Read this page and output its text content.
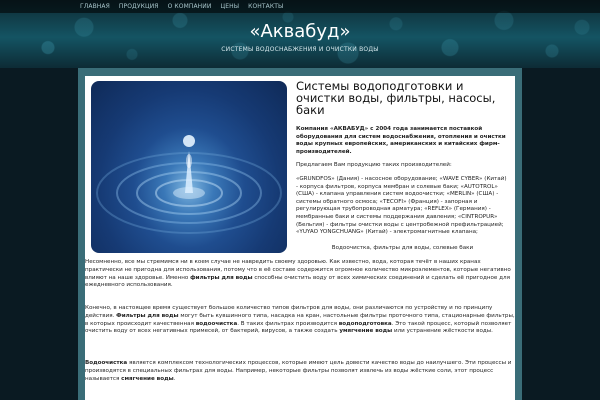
ГЛАВНАЯ ПРОДУКЦИЯ О КОМПАНИИ ЦЕНЫ КОНТАКТЫ
«Аквабуд»
СИСТЕМЫ ВОДОСНАБЖЕНИЯ И ОЧИСТКИ ВОДЫ
Системы водоподготовки и очистки воды, фильтры, насосы, баки

Компания «АКВАБУД» с 2004 года занимается поставкой оборудования для систем водоснабжения, отопления и очистки воды крупных европейских, американских и китайских фирм-производителей.

Предлагаем Вам продукцию таких производителей:

«GRUNDFOS» (Дания) - насосное оборудование; «WAVE CYBER» (Китай) - корпуса фильтров, корпуса мембран и солевые баки; «AUTOTROL» (США) - клапана управления систем водоочистки; «MERLIN» (США) - системы обратного осмоса; «TECOFI» (Франция) - запорная и регулирующая трубопроводная арматура; «REFLEX» (Германия) - мембранные баки и системы поддержания давления; «CINTROPUR» (Бельгия) - фильтры очистки воды с центробежной префильтрацией; «YUYAO YONGCHUANG» (Китай) - электромагнитные клапана;

Водоочистка, фильтры для воды, солевые баки

Несомненно, все мы стремимся ни в коем случае не навредить своему здоровью. Как известно, вода, которая течёт в наших кранах практически не пригодна для использования, потому что в её составе содержится огромное количество микроэлементов, которые негативно влияют на наше здоровье. Именно фильтры для воды способны очистить воду от всех химических соединений и сделать её пригодное для ежедневного использования.

Конечно, в настоящее время существует большое количество типов фильтров для воды, они различаются по устройству и по принципу действия. Фильтры для воды могут быть кувшинного типа, насадка на кран, настольные фильтры проточного типа, стационарные фильтры, в которых происходит качественная водоочистка. В таких фильтрах производится водоподготовка. Это такой процесс, который позволяет очистить воду от всех негативных примесей, от бактерий, вирусов, а также создать умягчение воды или устранение жёсткости воды.

Водоочистка является комплексом технологических процессов, которые имеют цель довести качество воды до наилучшего. Эти процессы и производятся в специальных фильтрах для воды. Например, некоторые фильтры позволят извлечь из воды жёсткие соли, этот процесс называется смягчение воды.
